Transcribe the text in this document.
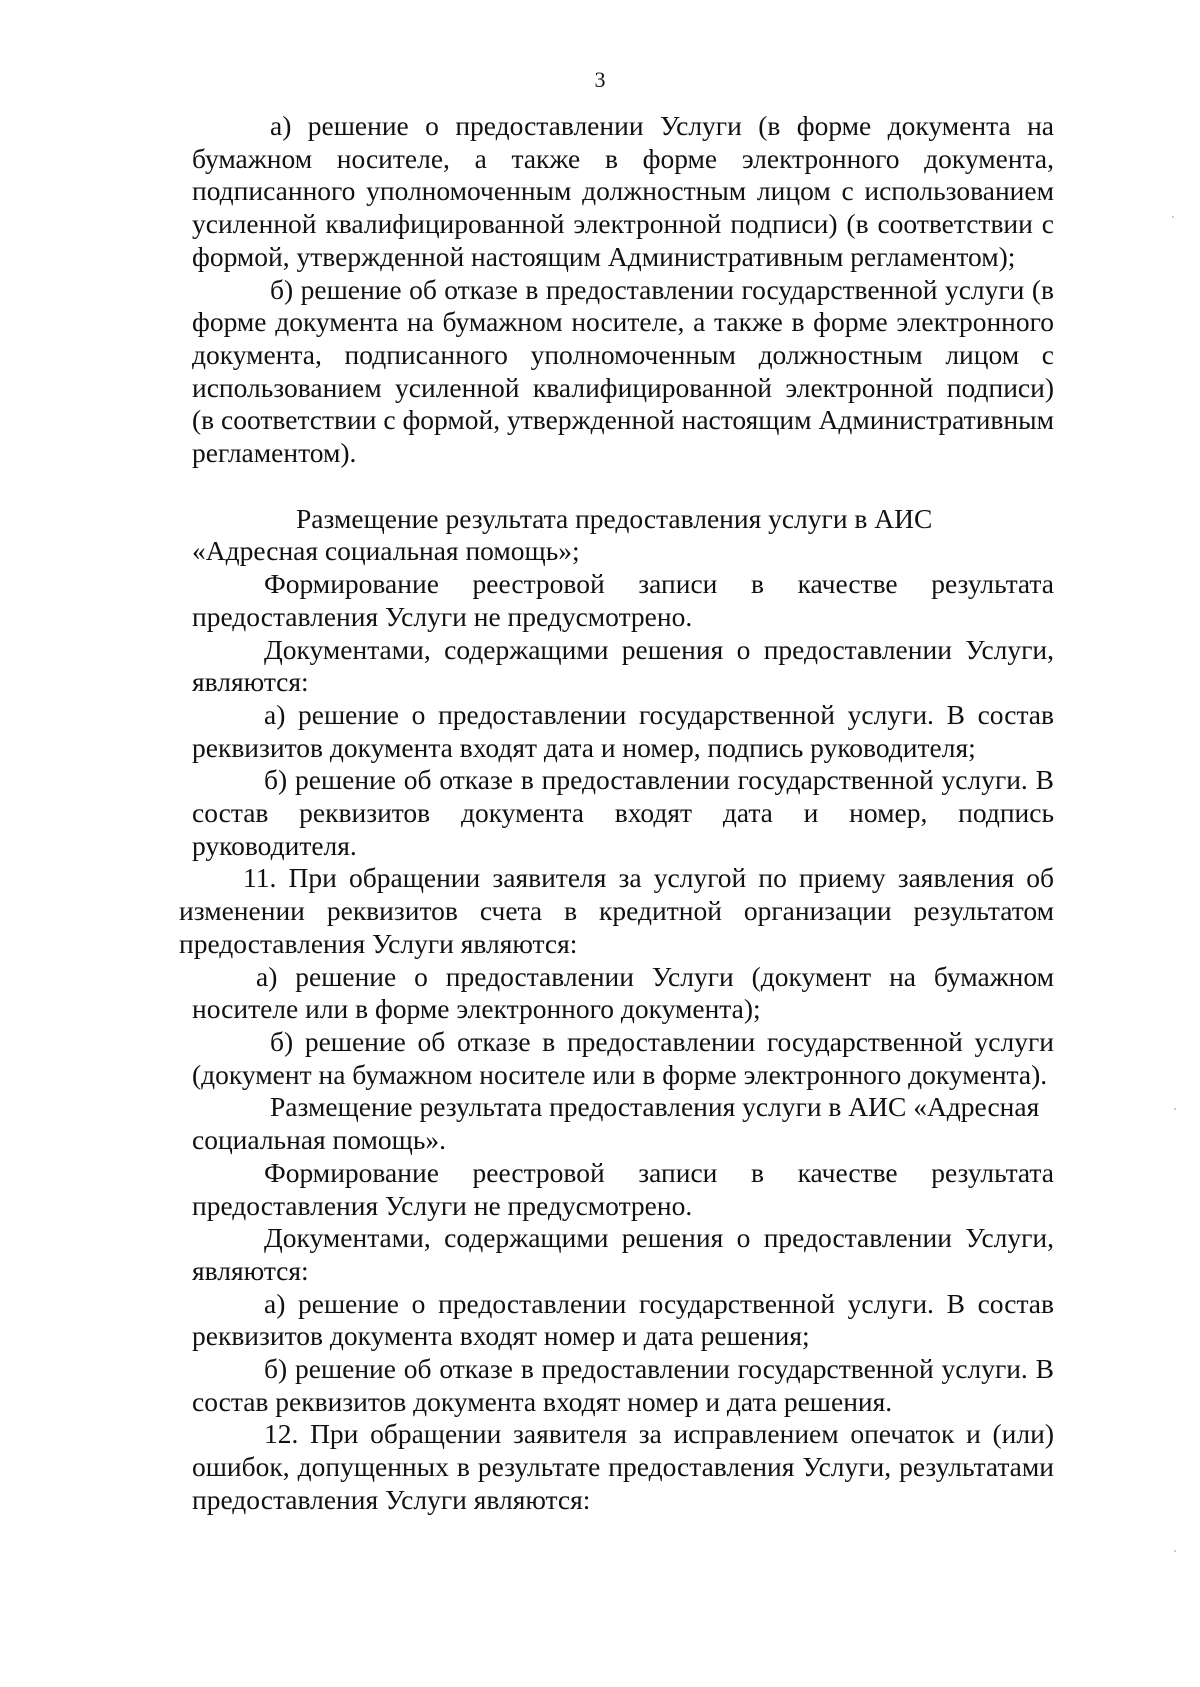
3

а) решение о предоставлении Услуги (в форме документа на бумажном носителе, а также в форме электронного документа, подписанного уполномоченным должностным лицом с использованием усиленной квалифицированной электронной подписи) (в соответствии с формой, утвержденной настоящим Административным регламентом);

б) решение об отказе в предоставлении государственной услуги (в форме документа на бумажном носителе, а также в форме электронного документа, подписанного уполномоченным должностным лицом с использованием усиленной квалифицированной электронной подписи) (в соответствии с формой, утвержденной настоящим Административным регламентом).

Размещение результата предоставления услуги в АИС «Адресная социальная помощь»;

Формирование реестровой записи в качестве результата предоставления Услуги не предусмотрено.

Документами, содержащими решения о предоставлении Услуги, являются:

а) решение о предоставлении государственной услуги. В состав реквизитов документа входят дата и номер, подпись руководителя;

б) решение об отказе в предоставлении государственной услуги. В состав реквизитов документа входят дата и номер, подпись руководителя.

11. При обращении заявителя за услугой по приему заявления об изменении реквизитов счета в кредитной организации результатом предоставления Услуги являются:

а) решение о предоставлении Услуги (документ на бумажном носителе или в форме электронного документа);

б) решение об отказе в предоставлении государственной услуги (документ на бумажном носителе или в форме электронного документа).

Размещение результата предоставления услуги в АИС «Адресная социальная помощь».

Формирование реестровой записи в качестве результата предоставления Услуги не предусмотрено.

Документами, содержащими решения о предоставлении Услуги, являются:

а) решение о предоставлении государственной услуги. В состав реквизитов документа входят номер и дата решения;

б) решение об отказе в предоставлении государственной услуги. В состав реквизитов документа входят номер и дата решения.

12. При обращении заявителя за исправлением опечаток и (или) ошибок, допущенных в результате предоставления Услуги, результатами предоставления Услуги являются:
